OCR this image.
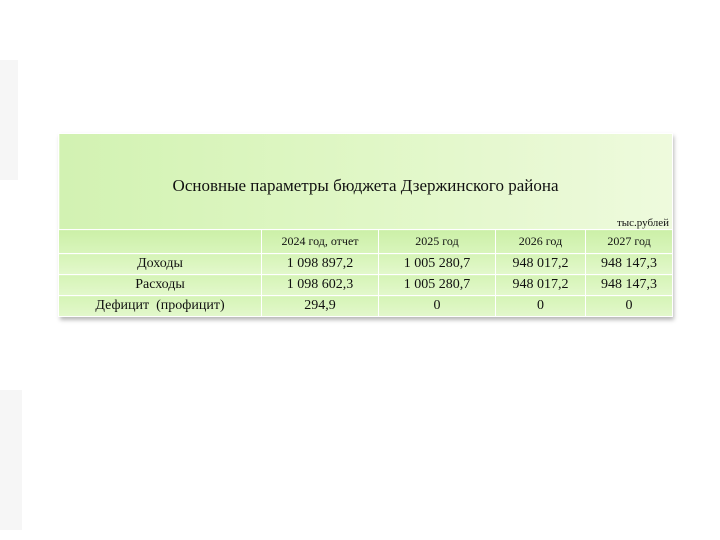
Основные параметры бюджета Дзержинского района
тыс.рублей				

	2024 год, отчет	2025 год	2026 год	2027 год
Доходы	1 098 897,2	1 005 280,7	948 017,2	948 147,3
Расходы	1 098 602,3	1 005 280,7	948 017,2	948 147,3
Дефицит  (профицит)	294,9	0	0	0
